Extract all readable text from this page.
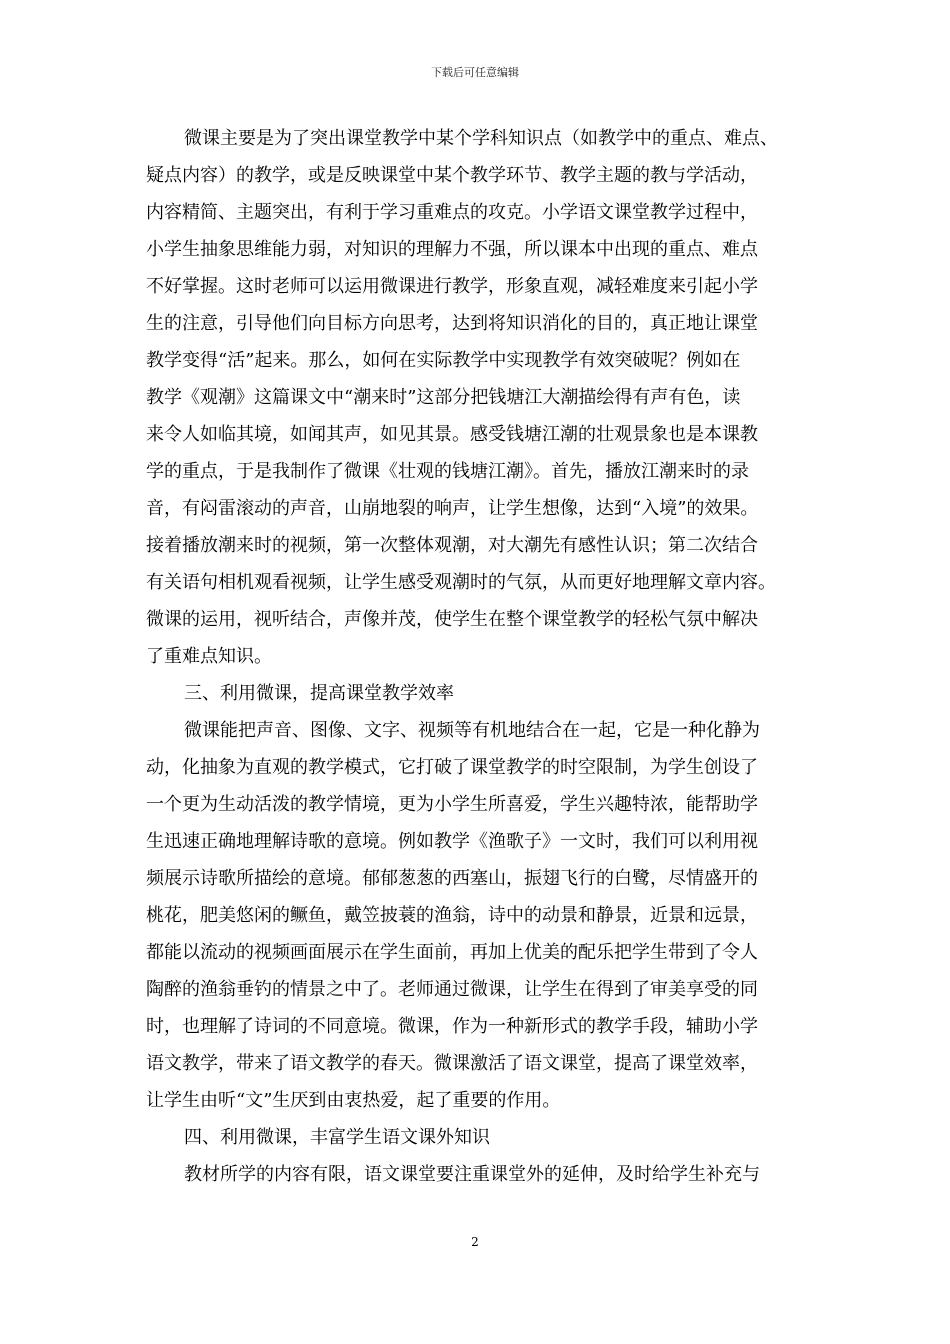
下载后可任意编辑
微课主要是为了突出课堂教学中某个学科知识点（如教学中的重点、难点、
疑点内容）的教学，或是反映课堂中某个教学环节、教学主题的教与学活动，
内容精简、主题突出，有利于学习重难点的攻克。小学语文课堂教学过程中，
小学生抽象思维能力弱，对知识的理解力不强，所以课本中出现的重点、难点
不好掌握。这时老师可以运用微课进行教学，形象直观，减轻难度来引起小学
生的注意，引导他们向目标方向思考，达到将知识消化的目的，真正地让课堂
教学变得“活”起来。那么，如何在实际教学中实现教学有效突破呢？例如在
教学《观潮》这篇课文中“潮来时”这部分把钱塘江大潮描绘得有声有色，读
来令人如临其境，如闻其声，如见其景。感受钱塘江潮的壮观景象也是本课教
学的重点，于是我制作了微课《壮观的钱塘江潮》。首先，播放江潮来时的录
音，有闷雷滚动的声音，山崩地裂的响声，让学生想像，达到“入境”的效果。
接着播放潮来时的视频，第一次整体观潮，对大潮先有感性认识；第二次结合
有关语句相机观看视频，让学生感受观潮时的气氛，从而更好地理解文章内容。
微课的运用，视听结合，声像并茂，使学生在整个课堂教学的轻松气氛中解决
了重难点知识。
三、利用微课，提高课堂教学效率
微课能把声音、图像、文字、视频等有机地结合在一起，它是一种化静为
动，化抽象为直观的教学模式，它打破了课堂教学的时空限制，为学生创设了
一个更为生动活泼的教学情境，更为小学生所喜爱，学生兴趣特浓，能帮助学
生迅速正确地理解诗歌的意境。例如教学《渔歌子》一文时，我们可以利用视
频展示诗歌所描绘的意境。郁郁葱葱的西塞山，振翅飞行的白鹭，尽情盛开的
桃花，肥美悠闲的鳜鱼，戴笠披蓑的渔翁，诗中的动景和静景，近景和远景，
都能以流动的视频画面展示在学生面前，再加上优美的配乐把学生带到了令人
陶醉的渔翁垂钓的情景之中了。老师通过微课，让学生在得到了审美享受的同
时，也理解了诗词的不同意境。微课，作为一种新形式的教学手段，辅助小学
语文教学，带来了语文教学的春天。微课激活了语文课堂，提高了课堂效率，
让学生由听“文”生厌到由衷热爱，起了重要的作用。
四、利用微课，丰富学生语文课外知识
教材所学的内容有限，语文课堂要注重课堂外的延伸，及时给学生补充与
2
